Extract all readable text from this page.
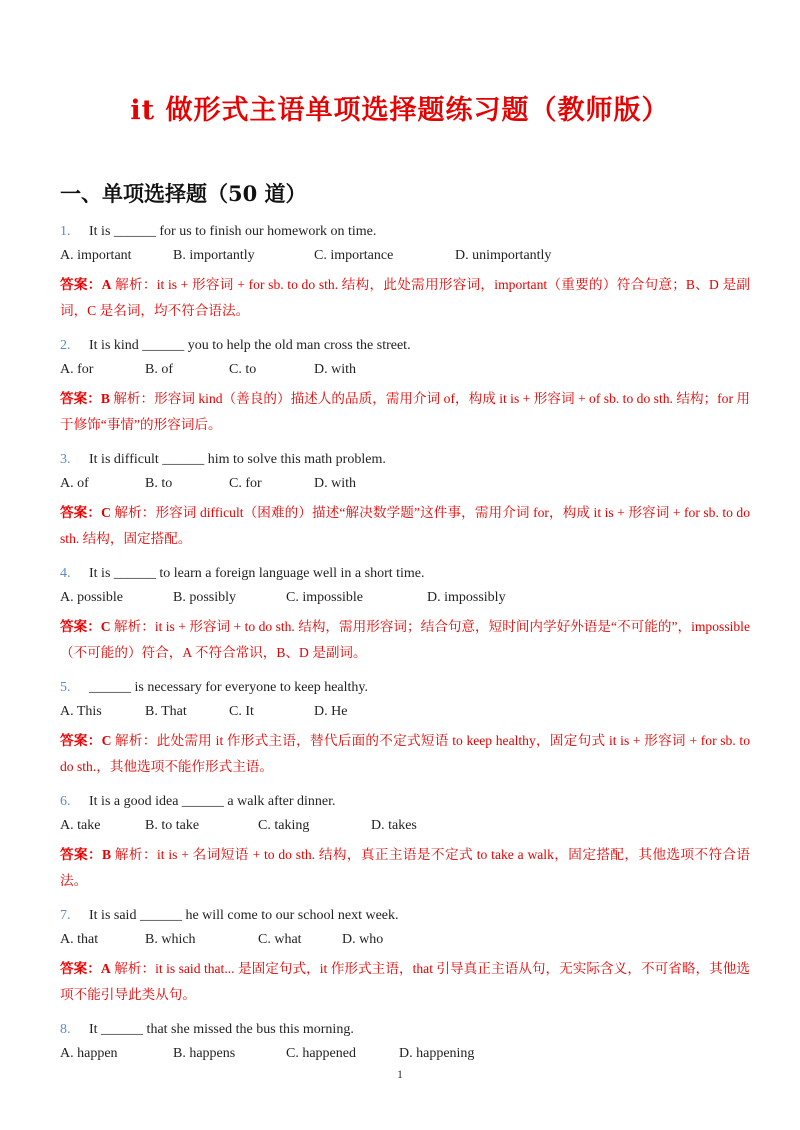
it 做形式主语单项选择题练习题（教师版）
一、单项选择题（50 道）
1. It is ______ for us to finish our homework on time.
A. important	B. importantly	C. importance	D. unimportantly
答案：A 解析：it is + 形容词 + for sb. to do sth. 结构，此处需用形容词，important（重要的）符合句意；B、D 是副词，C 是名词，均不符合语法。
2. It is kind ______ you to help the old man cross the street.
A. for	B. of	C. to	D. with
答案：B 解析：形容词 kind（善良的）描述人的品质，需用介词 of，构成 it is + 形容词 + of sb. to do sth. 结构；for 用于修饰“事情”的形容词后。
3. It is difficult ______ him to solve this math problem.
A. of	B. to	C. for	D. with
答案：C 解析：形容词 difficult（困难的）描述“解决数学题”这件事，需用介词 for，构成 it is + 形容词 + for sb. to do sth. 结构，固定搭配。
4. It is ______ to learn a foreign language well in a short time.
A. possible	B. possibly	C. impossible	D. impossibly
答案：C 解析：it is + 形容词 + to do sth. 结构，需用形容词；结合句意，短时间内学好外语是“不可能的”，impossible（不可能的）符合，A 不符合常识，B、D 是副词。
5. ______ is necessary for everyone to keep healthy.
A. This	B. That	C. It	D. He
答案：C 解析：此处需用 it 作形式主语，替代后面的不定式短语 to keep healthy，固定句式 it is + 形容词 + for sb. to do sth.，其他选项不能作形式主语。
6. It is a good idea ______ a walk after dinner.
A. take	B. to take	C. taking	D. takes
答案：B 解析：it is + 名词短语 + to do sth. 结构，真正主语是不定式 to take a walk，固定搭配，其他选项不符合语法。
7. It is said ______ he will come to our school next week.
A. that	B. which	C. what	D. who
答案：A 解析：it is said that... 是固定句式，it 作形式主语，that 引导真正主语从句，无实际含义，不可省略，其他选项不能引导此类从句。
8. It ______ that she missed the bus this morning.
A. happen	B. happens	C. happened	D. happening
1
